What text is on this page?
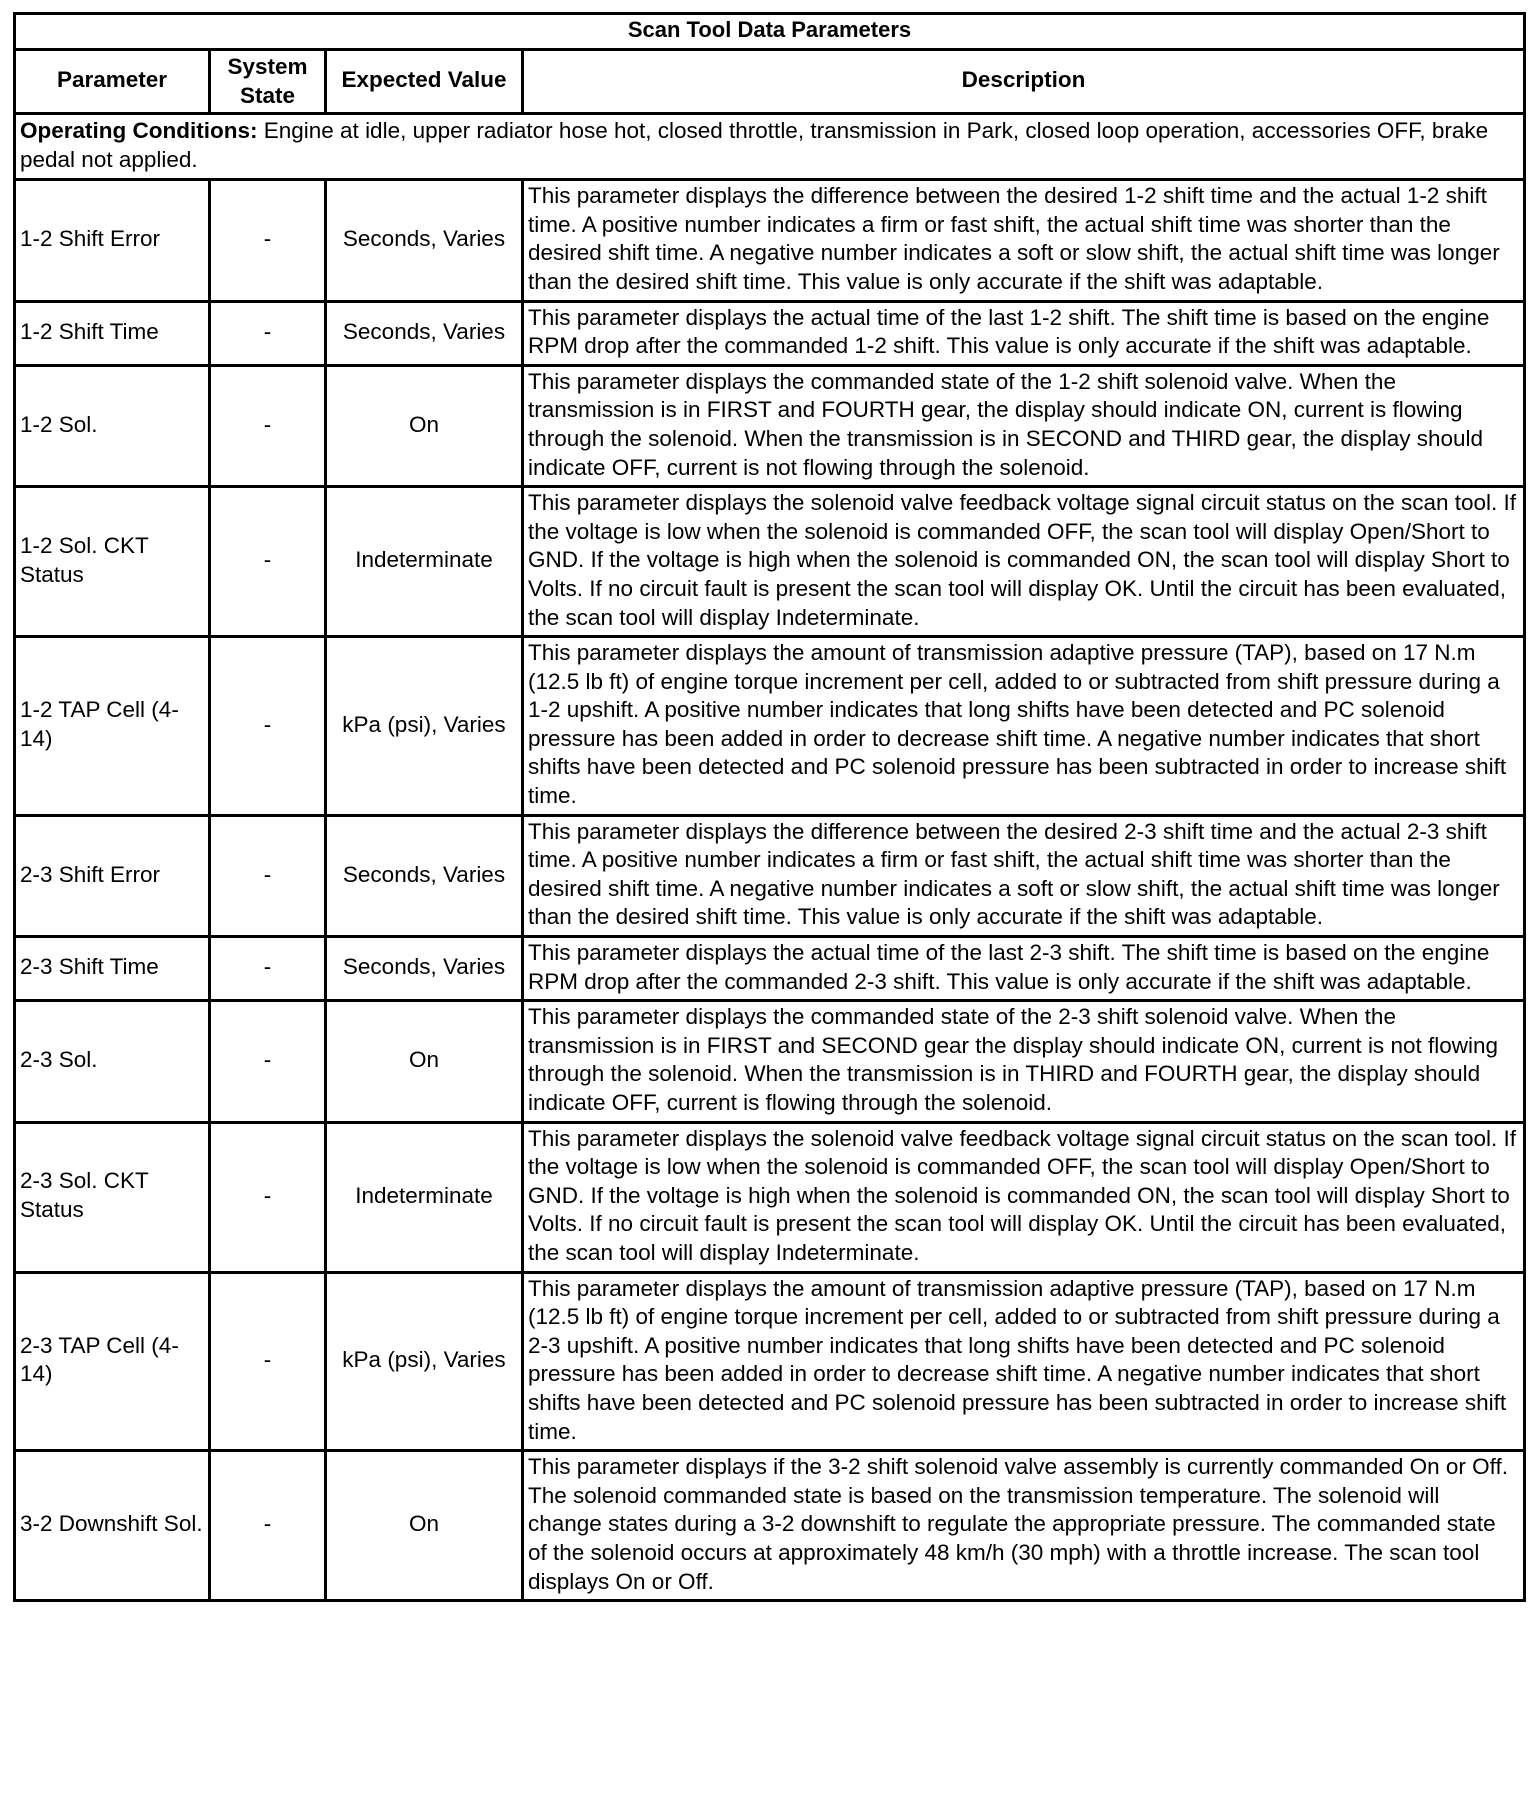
Scan Tool Data Parameters			
Parameter	System State	Expected Value	Description
Operating Conditions: Engine at idle, upper radiator hose hot, closed throttle, transmission in Park, closed loop operation, accessories OFF, brake pedal not applied.			
1-2 Shift Error	-	Seconds, Varies	This parameter displays the difference between the desired 1-2 shift time and the actual 1-2 shift time. A positive number indicates a firm or fast shift, the actual shift time was shorter than the desired shift time. A negative number indicates a soft or slow shift, the actual shift time was longer than the desired shift time. This value is only accurate if the shift was adaptable.
1-2 Shift Time	-	Seconds, Varies	This parameter displays the actual time of the last 1-2 shift. The shift time is based on the engine RPM drop after the commanded 1-2 shift. This value is only accurate if the shift was adaptable.
1-2 Sol.	-	On	This parameter displays the commanded state of the 1-2 shift solenoid valve. When the transmission is in FIRST and FOURTH gear, the display should indicate ON, current is flowing through the solenoid. When the transmission is in SECOND and THIRD gear, the display should indicate OFF, current is not flowing through the solenoid.
1-2 Sol. CKT Status	-	Indeterminate	This parameter displays the solenoid valve feedback voltage signal circuit status on the scan tool. If the voltage is low when the solenoid is commanded OFF, the scan tool will display Open/Short to GND. If the voltage is high when the solenoid is commanded ON, the scan tool will display Short to Volts. If no circuit fault is present the scan tool will display OK. Until the circuit has been evaluated, the scan tool will display Indeterminate.
1-2 TAP Cell (4-14)	-	kPa (psi), Varies	This parameter displays the amount of transmission adaptive pressure (TAP), based on 17 N.m (12.5 lb ft) of engine torque increment per cell, added to or subtracted from shift pressure during a 1-2 upshift. A positive number indicates that long shifts have been detected and PC solenoid pressure has been added in order to decrease shift time. A negative number indicates that short shifts have been detected and PC solenoid pressure has been subtracted in order to increase shift time.
2-3 Shift Error	-	Seconds, Varies	This parameter displays the difference between the desired 2-3 shift time and the actual 2-3 shift time. A positive number indicates a firm or fast shift, the actual shift time was shorter than the desired shift time. A negative number indicates a soft or slow shift, the actual shift time was longer than the desired shift time. This value is only accurate if the shift was adaptable.
2-3 Shift Time	-	Seconds, Varies	This parameter displays the actual time of the last 2-3 shift. The shift time is based on the engine RPM drop after the commanded 2-3 shift. This value is only accurate if the shift was adaptable.
2-3 Sol.	-	On	This parameter displays the commanded state of the 2-3 shift solenoid valve. When the transmission is in FIRST and SECOND gear the display should indicate ON, current is not flowing through the solenoid. When the transmission is in THIRD and FOURTH gear, the display should indicate OFF, current is flowing through the solenoid.
2-3 Sol. CKT Status	-	Indeterminate	This parameter displays the solenoid valve feedback voltage signal circuit status on the scan tool. If the voltage is low when the solenoid is commanded OFF, the scan tool will display Open/Short to GND. If the voltage is high when the solenoid is commanded ON, the scan tool will display Short to Volts. If no circuit fault is present the scan tool will display OK. Until the circuit has been evaluated, the scan tool will display Indeterminate.
2-3 TAP Cell (4-14)	-	kPa (psi), Varies	This parameter displays the amount of transmission adaptive pressure (TAP), based on 17 N.m (12.5 lb ft) of engine torque increment per cell, added to or subtracted from shift pressure during a 2-3 upshift. A positive number indicates that long shifts have been detected and PC solenoid pressure has been added in order to decrease shift time. A negative number indicates that short shifts have been detected and PC solenoid pressure has been subtracted in order to increase shift time.
3-2 Downshift Sol.	-	On	This parameter displays if the 3-2 shift solenoid valve assembly is currently commanded On or Off. The solenoid commanded state is based on the transmission temperature. The solenoid will change states during a 3-2 downshift to regulate the appropriate pressure. The commanded state of the solenoid occurs at approximately 48 km/h (30 mph) with a throttle increase. The scan tool displays On or Off.
